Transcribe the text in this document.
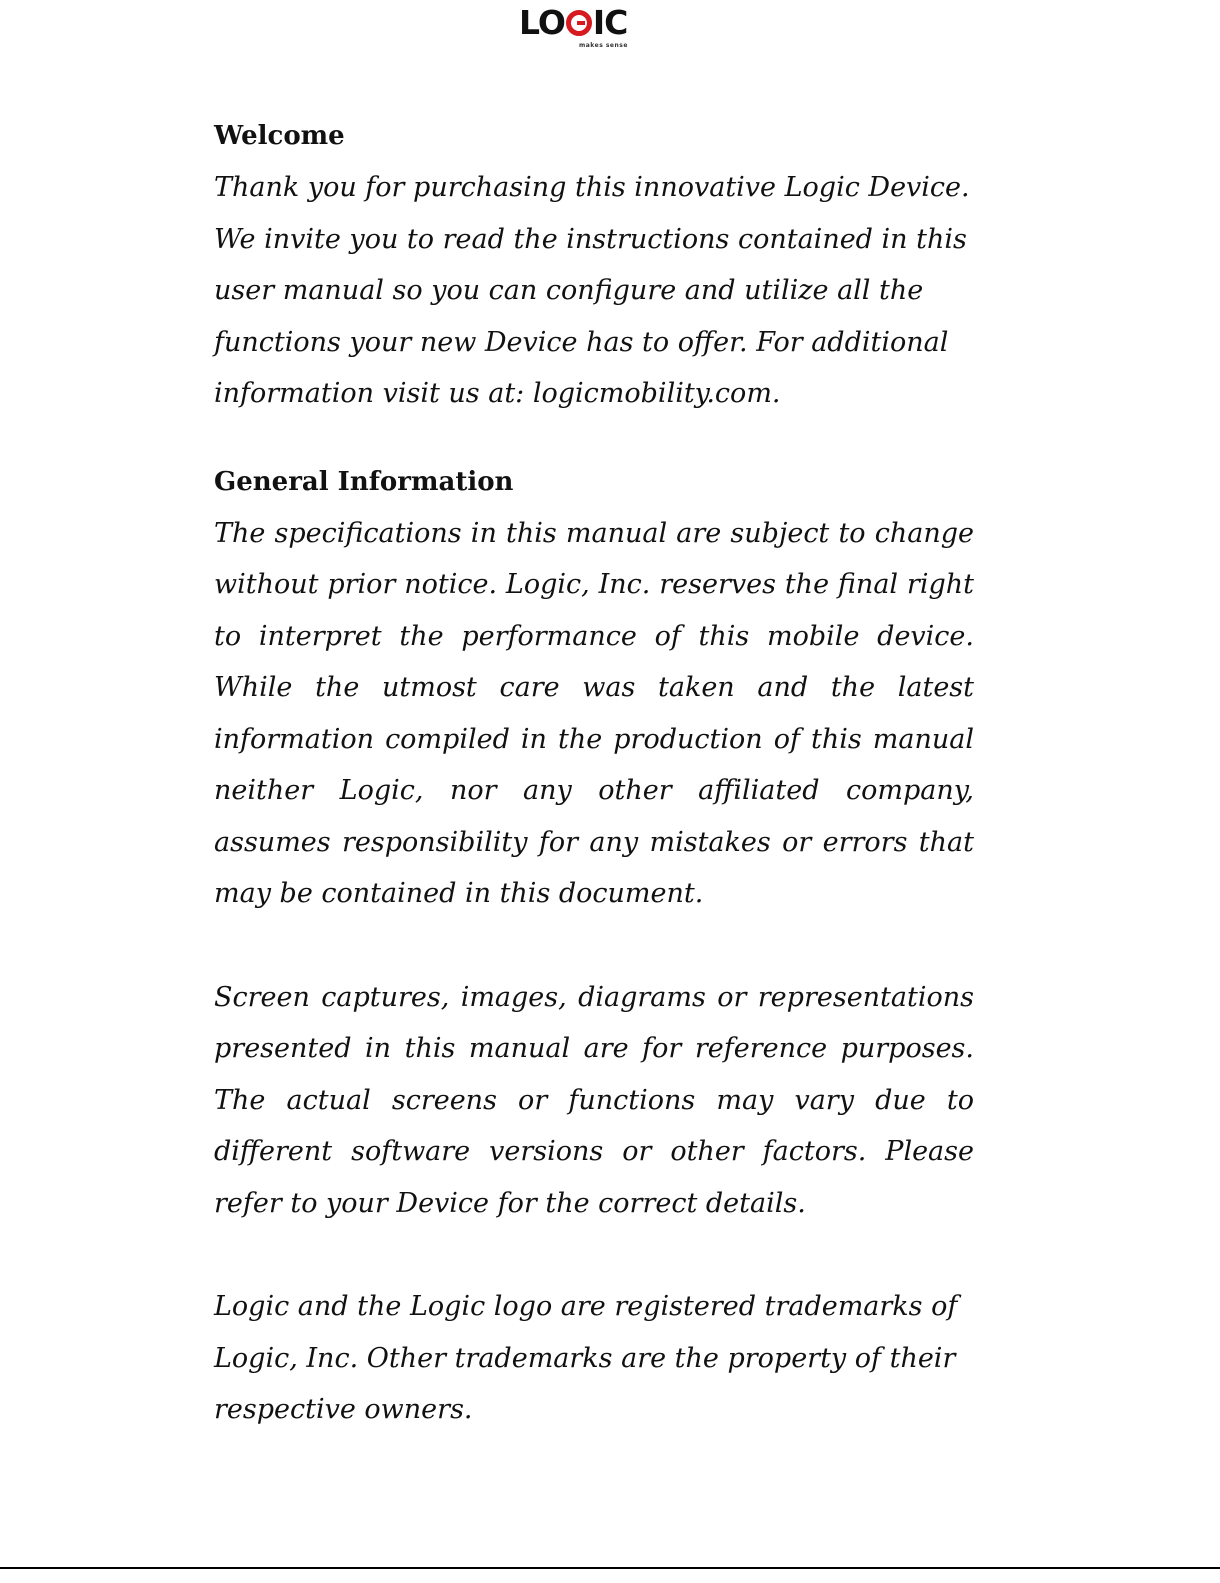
LO IC
makes sense
Welcome

Thank you for purchasing this innovative Logic Device. We invite you to read the instructions contained in this user manual so you can configure and utilize all the functions your new Device has to offer. For additional information visit us at: logicmobility.com.

General Information

The specifications in this manual are subject to change without prior notice. Logic, Inc. reserves the final right to interpret the performance of this mobile device. While the utmost care was taken and the latest information compiled in the production of this manual neither Logic, nor any other affiliated company, assumes responsibility for any mistakes or errors that may be contained in this document.

Screen captures, images, diagrams or representations presented in this manual are for reference purposes. The actual screens or functions may vary due to different software versions or other factors. Please refer to your Device for the correct details.

Logic and the Logic logo are registered trademarks of Logic, Inc. Other trademarks are the property of their respective owners.
